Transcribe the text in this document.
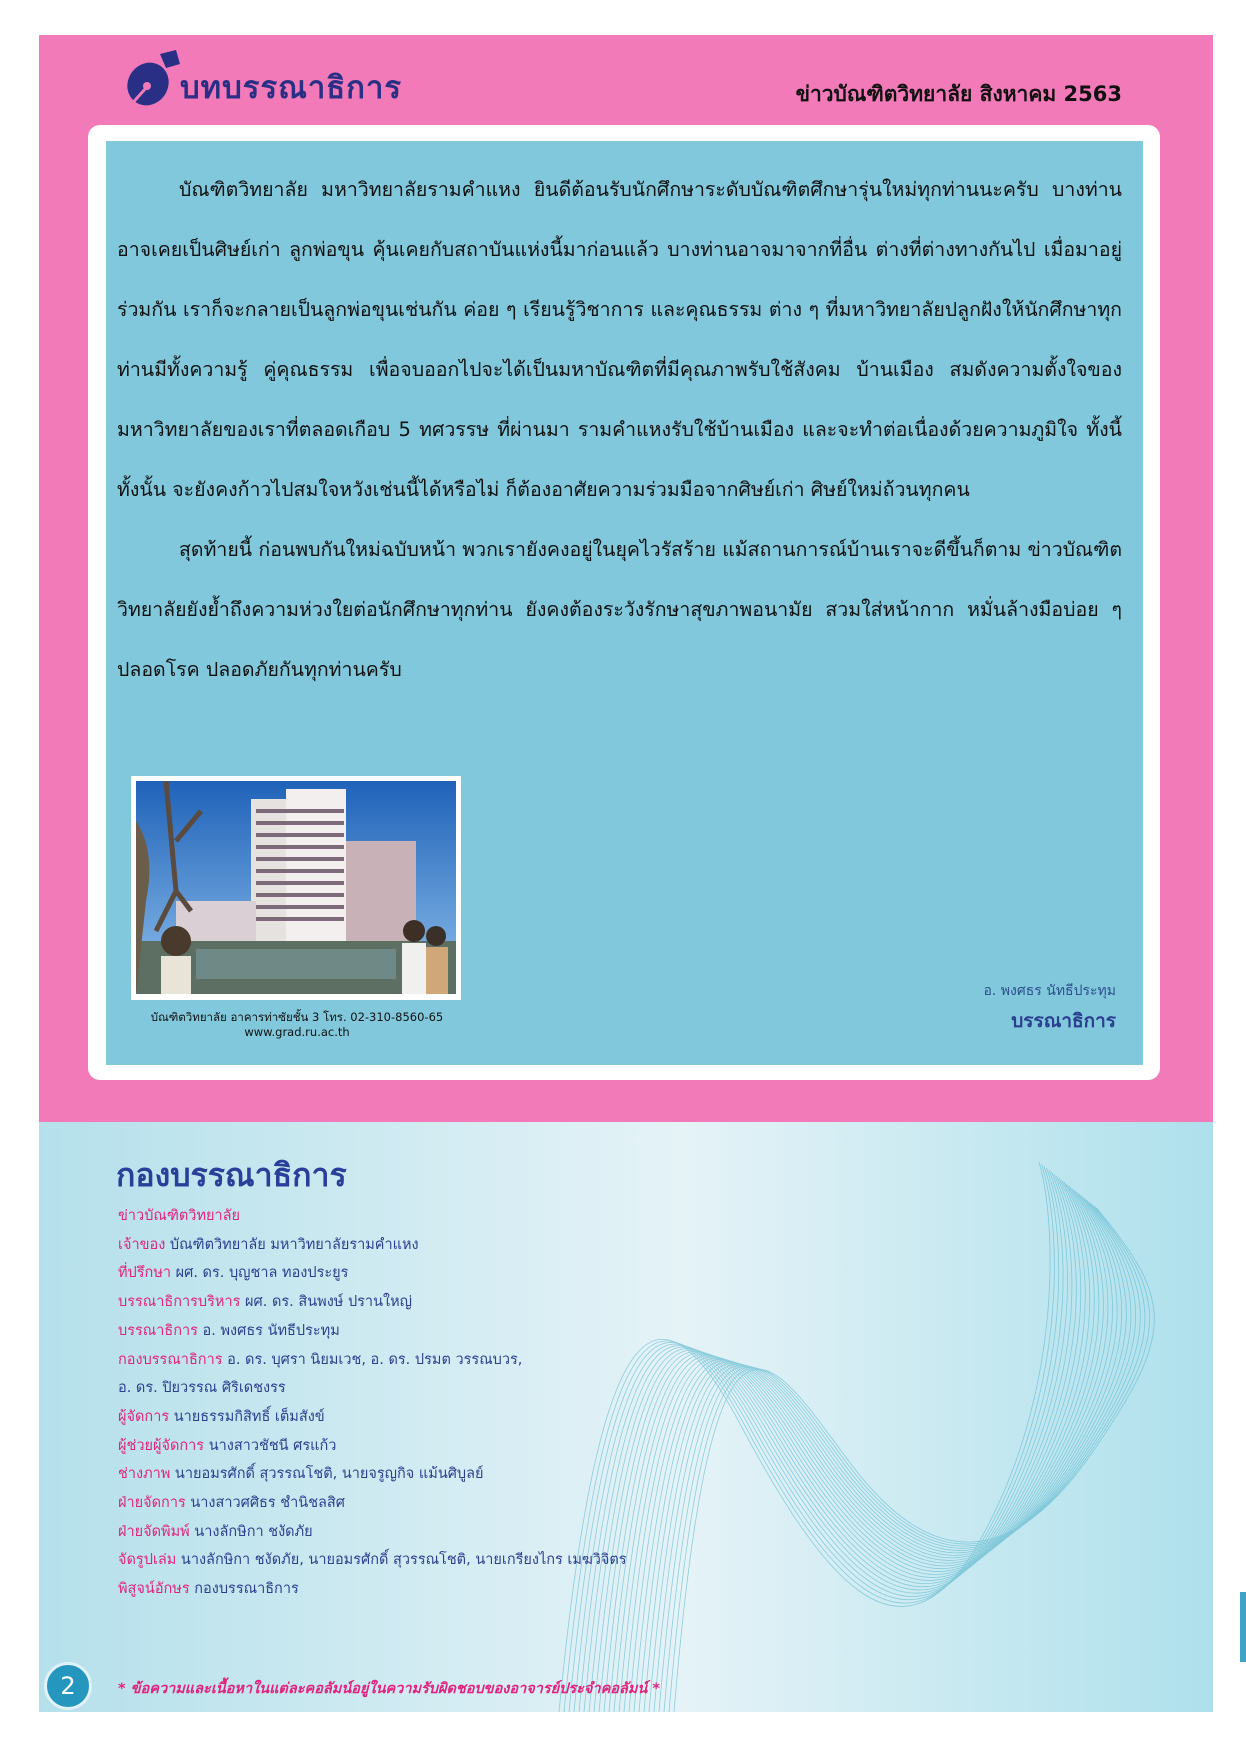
บทบรรณาธิการ	ข่าวบัณฑิตวิทยาลัย สิงหาคม 2563

บัณฑิตวิทยาลัย มหาวิทยาลัยรามคำแหง ยินดีต้อนรับนักศึกษาระดับบัณฑิตศึกษารุ่นใหม่ทุกท่านนะครับ บางท่านอาจเคยเป็นศิษย์เก่า ลูกพ่อขุน คุ้นเคยกับสถาบันแห่งนี้มาก่อนแล้ว บางท่านอาจมาจากที่อื่น ต่างที่ต่างทางกันไป เมื่อมาอยู่ร่วมกัน เราก็จะกลายเป็นลูกพ่อขุนเช่นกัน ค่อย ๆ เรียนรู้วิชาการ และคุณธรรม ต่าง ๆ ที่มหาวิทยาลัยปลูกฝังให้นักศึกษาทุกท่านมีทั้งความรู้ คู่คุณธรรม เพื่อจบออกไปจะได้เป็นมหาบัณฑิตที่มีคุณภาพรับใช้สังคม บ้านเมือง สมดังความตั้งใจของมหาวิทยาลัยของเราที่ตลอดเกือบ 5 ทศวรรษ ที่ผ่านมา รามคำแหงรับใช้บ้านเมือง และจะทำต่อเนื่องด้วยความภูมิใจ ทั้งนี้ทั้งนั้น จะยังคงก้าวไปสมใจหวังเช่นนี้ได้หรือไม่ ก็ต้องอาศัยความร่วมมือจากศิษย์เก่า ศิษย์ใหม่ถ้วนทุกคน

สุดท้ายนี้ ก่อนพบกันใหม่ฉบับหน้า พวกเรายังคงอยู่ในยุคไวรัสร้าย แม้สถานการณ์บ้านเราจะดีขึ้นก็ตาม ข่าวบัณฑิตวิทยาลัยยังย้ำถึงความห่วงใยต่อนักศึกษาทุกท่าน ยังคงต้องระวังรักษาสุขภาพอนามัย สวมใส่หน้ากาก หมั่นล้างมือบ่อย ๆ ปลอดโรค ปลอดภัยกันทุกท่านครับ

บัณฑิตวิทยาลัย อาคารท่าซัยชั้น 3 โทร. 02-310-8560-65
www.grad.ru.ac.th
อ. พงศธร นัทธีประทุม
บรรณาธิการ
กองบรรณาธิการ
ข่าวบัณฑิตวิทยาลัย
เจ้าของ บัณฑิตวิทยาลัย มหาวิทยาลัยรามคำแหง
ที่ปรึกษา ผศ. ดร. บุญชาล ทองประยูร
บรรณาธิการบริหาร ผศ. ดร. สินพงษ์ ปรานใหญ่
บรรณาธิการ อ. พงศธร นัทธีประทุม
กองบรรณาธิการ อ. ดร. บุศรา นิยมเวช, อ. ดร. ปรมต วรรณบวร,
อ. ดร. ปิยวรรณ ศิริเดชงรร
ผู้จัดการ นายธรรมกิสิทธิ์ เต็มสังข์
ผู้ช่วยผู้จัดการ นางสาวชัชนี ศรแก้ว
ช่างภาพ นายอมรศักดิ์ สุวรรณโชติ, นายจรูญกิจ แม้นศิบูลย์
ฝ่ายจัดการ นางสาวศศิธร ชำนิชลสิศ
ฝ่ายจัดพิมพ์ นางลักษิกา ชงัดภัย
จัดรูปเล่ม นางลักษิกา ชงัดภัย, นายอมรศักดิ์ สุวรรณโชติ, นายเกรียงไกร เมฆวิจิตร
พิสูจน์อักษร กองบรรณาธิการ
2	* ข้อความและเนื้อหาในแต่ละคอลัมน์อยู่ในความรับผิดชอบของอาจารย์ประจำคอลัมน์ *
